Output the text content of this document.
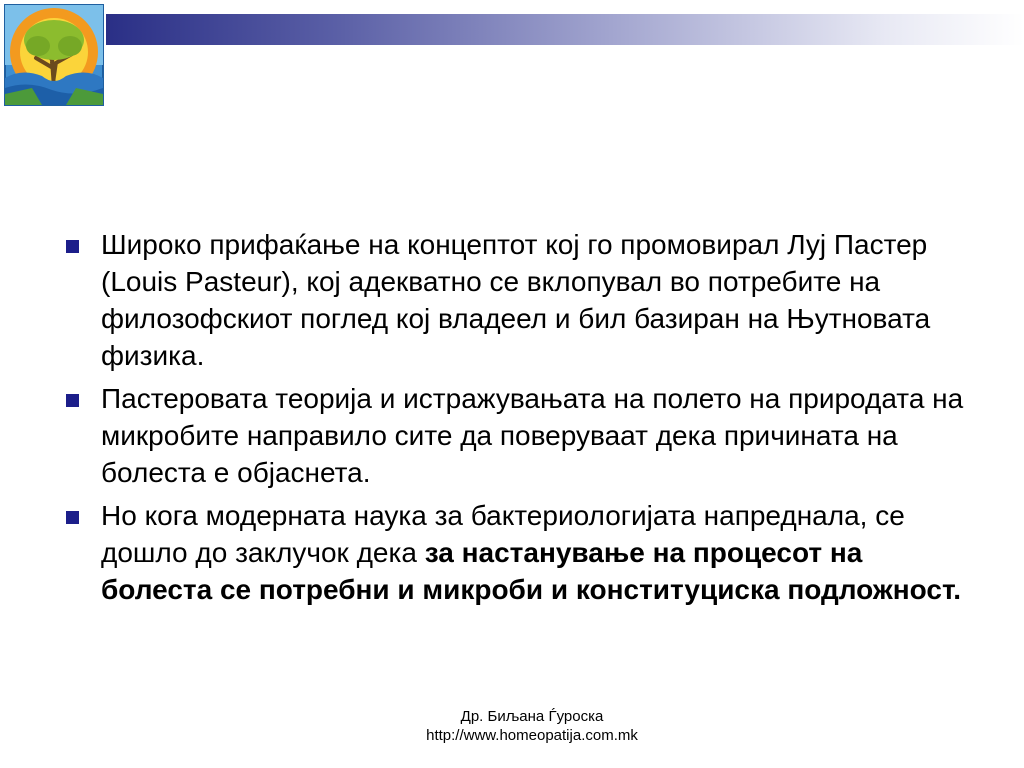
Широко прифаќање на концептот кој го промовирал Луј Пастер (Louis Pasteur), кој адекватно се вклопувал во потребите на филозофскиот поглед кој владеел и бил базиран на Њутновата физика.
Пастеровата теорија и истражувањата на полето на природата на микробите направило сите да поверуваат дека причината на болеста е објаснета.
Но кога модерната наука за бактериологијата напреднала, се дошло до заклучок дека за настанување на процесот на болеста се потребни и микроби и конституциска подложност.
Др. Биљана Ѓуроска
http://www.homeopatija.com.mk
